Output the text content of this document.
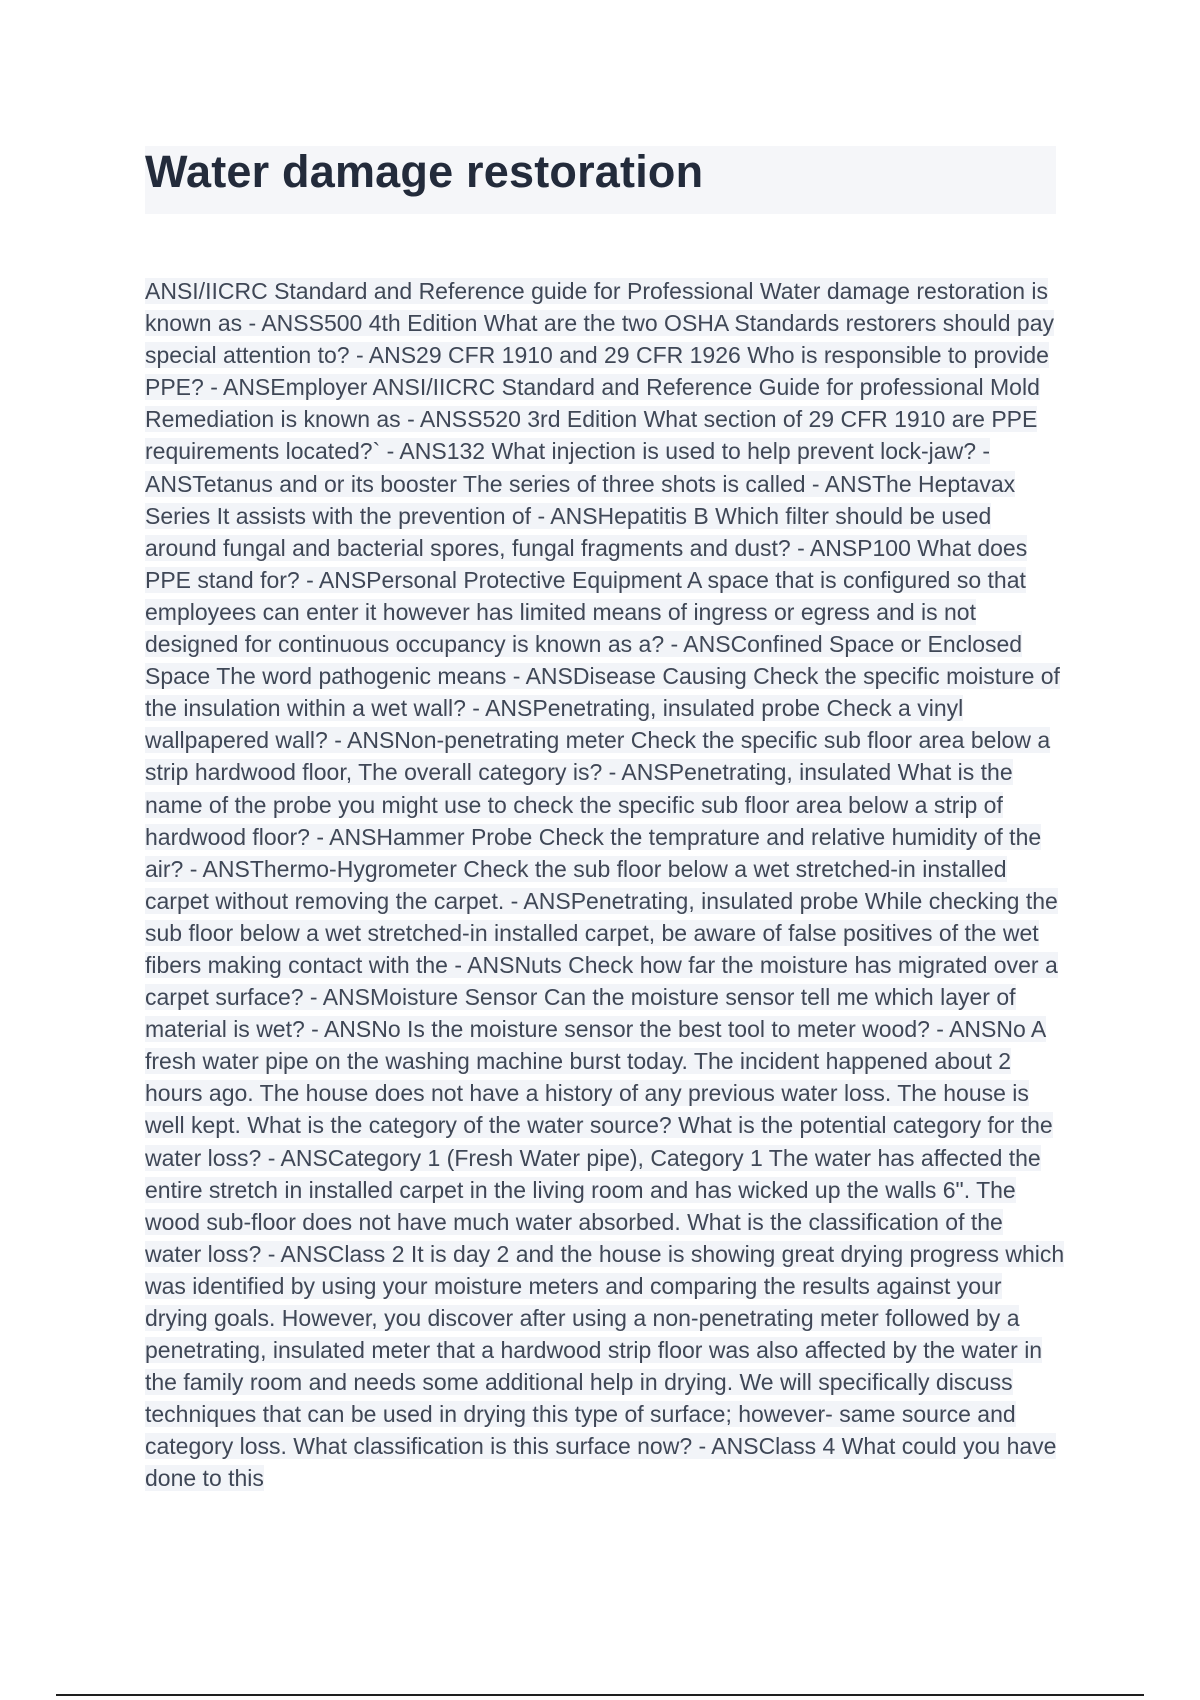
Water damage restoration

ANSI/IICRC Standard and Reference guide for Professional Water damage restoration is known as - ANSS500 4th Edition What are the two OSHA Standards restorers should pay special attention to? - ANS29 CFR 1910 and 29 CFR 1926 Who is responsible to provide PPE? - ANSEmployer ANSI/IICRC Standard and Reference Guide for professional Mold Remediation is known as - ANSS520 3rd Edition What section of 29 CFR 1910 are PPE requirements located?` - ANS132 What injection is used to help prevent lock-jaw? - ANSTetanus and or its booster The series of three shots is called - ANSThe Heptavax Series It assists with the prevention of - ANSHepatitis B Which filter should be used around fungal and bacterial spores, fungal fragments and dust? - ANSP100 What does PPE stand for? - ANSPersonal Protective Equipment A space that is configured so that employees can enter it however has limited means of ingress or egress and is not designed for continuous occupancy is known as a? - ANSConfined Space or Enclosed Space The word pathogenic means - ANSDisease Causing Check the specific moisture of the insulation within a wet wall? - ANSPenetrating, insulated probe Check a vinyl wallpapered wall? - ANSNon-penetrating meter Check the specific sub floor area below a strip hardwood floor, The overall category is? - ANSPenetrating, insulated What is the name of the probe you might use to check the specific sub floor area below a strip of hardwood floor? - ANSHammer Probe Check the temprature and relative humidity of the air? - ANSThermo-Hygrometer Check the sub floor below a wet stretched-in installed carpet without removing the carpet. - ANSPenetrating, insulated probe While checking the sub floor below a wet stretched-in installed carpet, be aware of false positives of the wet fibers making contact with the - ANSNuts Check how far the moisture has migrated over a carpet surface? - ANSMoisture Sensor Can the moisture sensor tell me which layer of material is wet? - ANSNo Is the moisture sensor the best tool to meter wood? - ANSNo A fresh water pipe on the washing machine burst today. The incident happened about 2 hours ago. The house does not have a history of any previous water loss. The house is well kept. What is the category of the water source? What is the potential category for the water loss? - ANSCategory 1 (Fresh Water pipe), Category 1 The water has affected the entire stretch in installed carpet in the living room and has wicked up the walls 6". The wood sub-floor does not have much water absorbed. What is the classification of the water loss? - ANSClass 2 It is day 2 and the house is showing great drying progress which was identified by using your moisture meters and comparing the results against your drying goals. However, you discover after using a non-penetrating meter followed by a penetrating, insulated meter that a hardwood strip floor was also affected by the water in the family room and needs some additional help in drying. We will specifically discuss techniques that can be used in drying this type of surface; however- same source and category loss. What classification is this surface now? - ANSClass 4 What could you have done to this
